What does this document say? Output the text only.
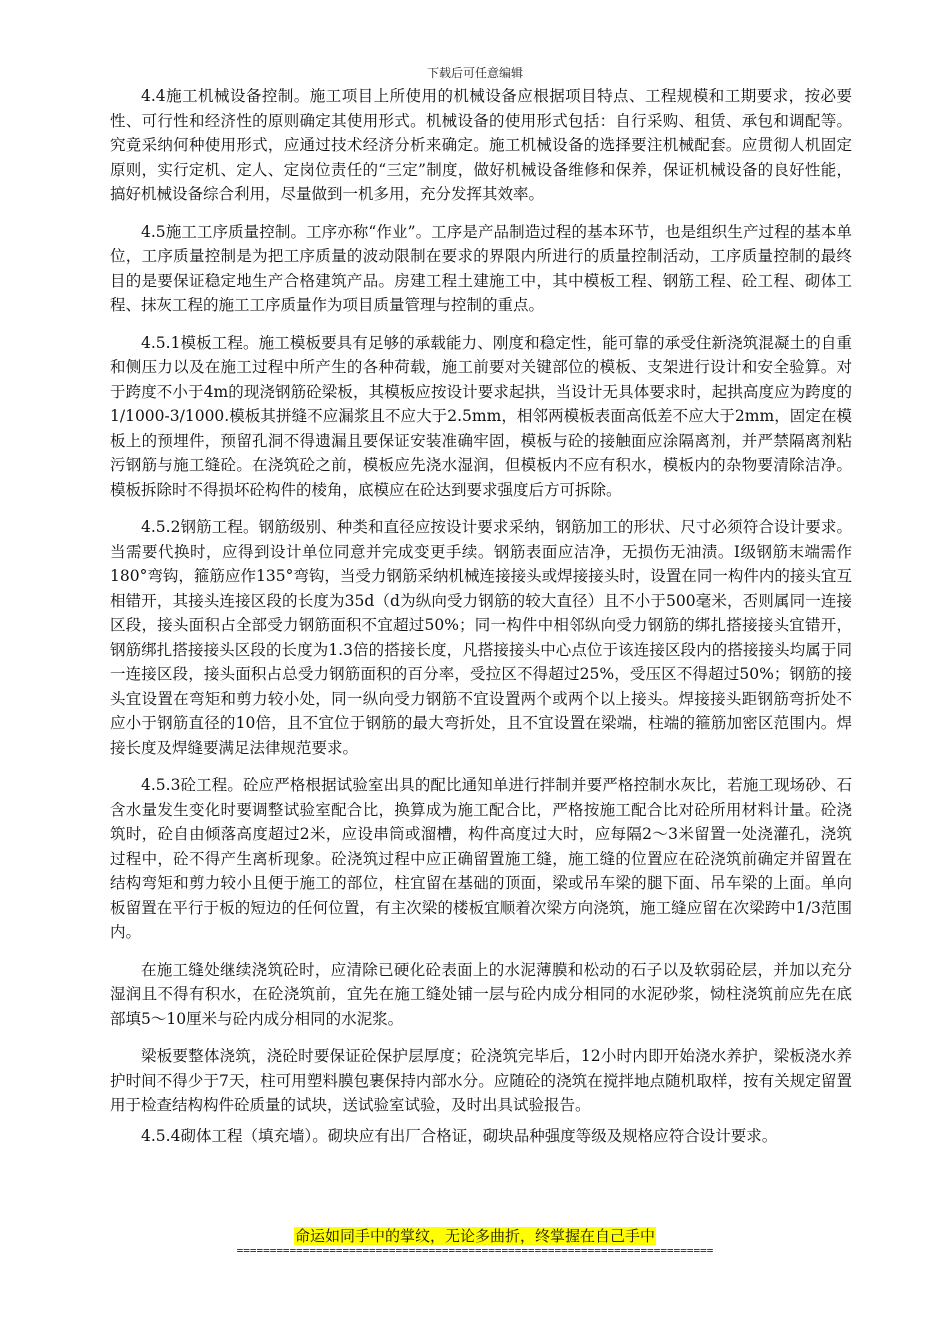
下载后可任意编辑

4.4施工机械设备控制。施工项目上所使用的机械设备应根据项目特点、工程规模和工期要求，按必要性、可行性和经济性的原则确定其使用形式。机械设备的使用形式包括：自行采购、租赁、承包和调配等。究竟采纳何种使用形式，应通过技术经济分析来确定。施工机械设备的选择要注机械配套。应贯彻人机固定原则，实行定机、定人、定岗位责任的“三定”制度，做好机械设备维修和保养，保证机械设备的良好性能，搞好机械设备综合利用，尽量做到一机多用，充分发挥其效率。

4.5施工工序质量控制。工序亦称“作业”。工序是产品制造过程的基本环节，也是组织生产过程的基本单位，工序质量控制是为把工序质量的波动限制在要求的界限内所进行的质量控制活动，工序质量控制的最终目的是要保证稳定地生产合格建筑产品。房建工程土建施工中，其中模板工程、钢筋工程、砼工程、砌体工程、抹灰工程的施工工序质量作为项目质量管理与控制的重点。

4.5.1模板工程。施工模板要具有足够的承载能力、刚度和稳定性，能可靠的承受住新浇筑混凝土的自重和侧压力以及在施工过程中所产生的各种荷载，施工前要对关键部位的模板、支架进行设计和安全验算。对于跨度不小于4m的现浇钢筋砼梁板，其模板应按设计要求起拱，当设计无具体要求时，起拱高度应为跨度的1/1000-3/1000.模板其拼缝不应漏浆且不应大于2.5mm，相邻两模板表面高低差不应大于2mm，固定在模板上的预埋件，预留孔洞不得遗漏且要保证安装准确牢固，模板与砼的接触面应涂隔离剂，并严禁隔离剂粘污钢筋与施工缝砼。在浇筑砼之前，模板应先浇水湿润，但模板内不应有积水，模板内的杂物要清除洁净。模板拆除时不得损坏砼构件的棱角，底模应在砼达到要求强度后方可拆除。

4.5.2钢筋工程。钢筋级别、种类和直径应按设计要求采纳，钢筋加工的形状、尺寸必须符合设计要求。当需要代换时，应得到设计单位同意并完成变更手续。钢筋表面应洁净，无损伤无油渍。Ⅰ级钢筋末端需作180°弯钩，箍筋应作135°弯钩，当受力钢筋采纳机械连接接头或焊接接头时，设置在同一构件内的接头宜互相错开，其接头连接区段的长度为35d（d为纵向受力钢筋的较大直径）且不小于500毫米，否则属同一连接区段，接头面积占全部受力钢筋面积不宜超过50%；同一构件中相邻纵向受力钢筋的绑扎搭接接头宜错开，钢筋绑扎搭接接头区段的长度为1.3倍的搭接长度，凡搭接接头中心点位于该连接区段内的搭接接头均属于同一连接区段，接头面积占总受力钢筋面积的百分率，受拉区不得超过25%，受压区不得超过50%；钢筋的接头宜设置在弯矩和剪力较小处，同一纵向受力钢筋不宜设置两个或两个以上接头。焊接接头距钢筋弯折处不应小于钢筋直径的10倍，且不宜位于钢筋的最大弯折处，且不宜设置在梁端，柱端的箍筋加密区范围内。焊接长度及焊缝要满足法律规范要求。

4.5.3砼工程。砼应严格根据试验室出具的配比通知单进行拌制并要严格控制水灰比，若施工现场砂、石含水量发生变化时要调整试验室配合比，换算成为施工配合比，严格按施工配合比对砼所用材料计量。砼浇筑时，砼自由倾落高度超过2米，应设串筒或溜槽，构件高度过大时，应每隔2～3米留置一处浇灌孔，浇筑过程中，砼不得产生离析现象。砼浇筑过程中应正确留置施工缝，施工缝的位置应在砼浇筑前确定并留置在结构弯矩和剪力较小且便于施工的部位，柱宜留在基础的顶面，梁或吊车梁的腿下面、吊车梁的上面。单向板留置在平行于板的短边的任何位置，有主次梁的楼板宜顺着次梁方向浇筑，施工缝应留在次梁跨中1/3范围内。

在施工缝处继续浇筑砼时，应清除已硬化砼表面上的水泥薄膜和松动的石子以及软弱砼层，并加以充分湿润且不得有积水，在砼浇筑前，宜先在施工缝处铺一层与砼内成分相同的水泥砂浆，恸柱浇筑前应先在底部填5～10厘米与砼内成分相同的水泥浆。

梁板要整体浇筑，浇砼时要保证砼保护层厚度；砼浇筑完毕后，12小时内即开始浇水养护，梁板浇水养护时间不得少于7天，柱可用塑料膜包裹保持内部水分。应随砼的浇筑在搅拌地点随机取样，按有关规定留置用于检查结构构件砼质量的试块，送试验室试验，及时出具试验报告。

4.5.4砌体工程（填充墙）。砌块应有出厂合格证，砌块品种强度等级及规格应符合设计要求。

命运如同手中的掌纹，无论多曲折，终掌握在自己手中
========================================================================
